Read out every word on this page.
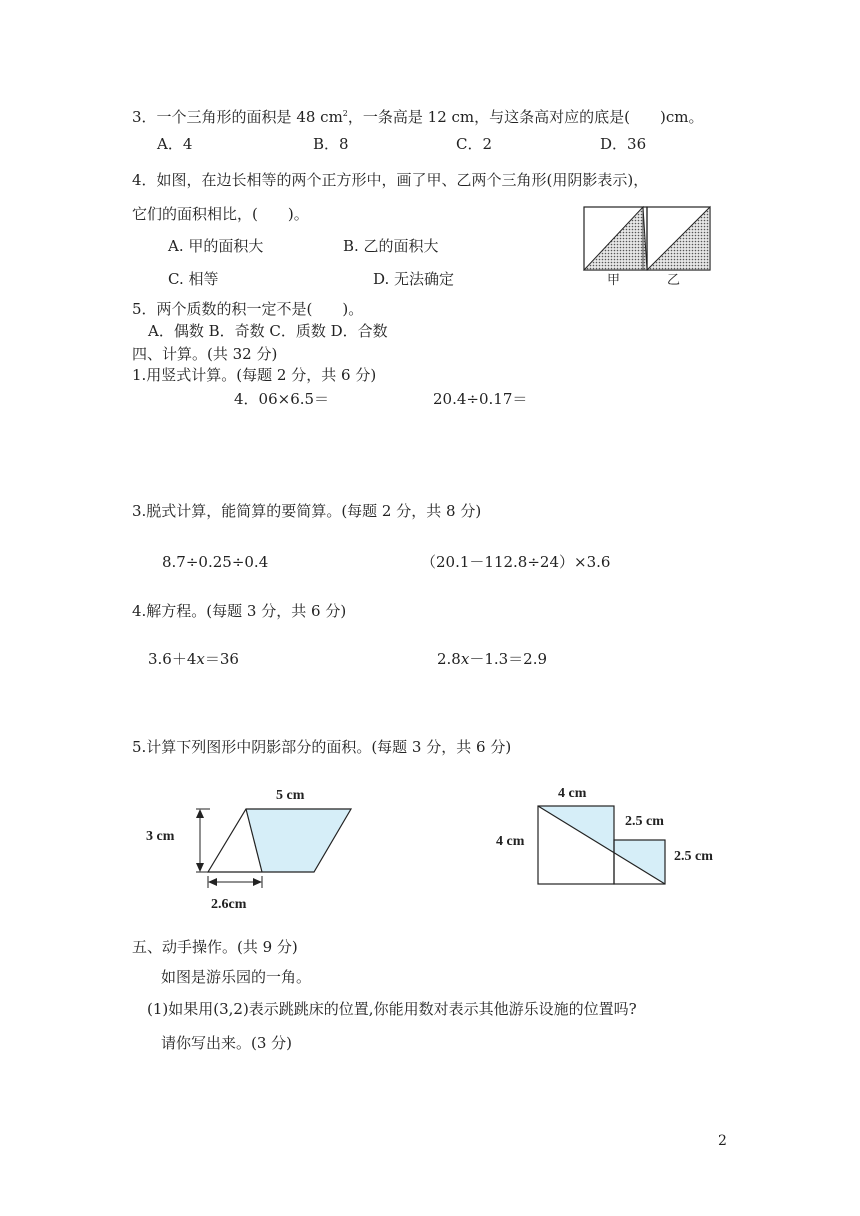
3．一个三角形的面积是 48 $cm^2$，一条高是 12 cm，与这条高对应的底是(　　)cm。
A．4	B．8	C．2	D．36
4．如图，在边长相等的两个正方形中，画了甲、乙两个三角形(用阴影表示)，
它们的面积相比，(　　)。
A. 甲的面积大	B. 乙的面积大
C. 相等	D. 无法确定	甲	乙
5．两个质数的积一定不是(　　)。
A．偶数 B．奇数 C．质数 D．合数
四、计算。(共 32 分)
1.用竖式计算。(每题 2 分，共 6 分)
4．06×6.5＝	20.4÷0.17＝
3.脱式计算，能简算的要简算。(每题 2 分，共 8 分)
8.7÷0.25÷0.4	（20.1－112.8÷24）×3.6
4.解方程。(每题 3 分，共 6 分)
3.6＋4x＝36	2.8x－1.3＝2.9
5.计算下列图形中阴影部分的面积。(每题 3 分，共 6 分)
5 cm
3 cm
2.6cm
4 cm
4 cm
2.5 cm
2.5 cm
五、动手操作。(共 9 分)
如图是游乐园的一角。
(1)如果用(3,2)表示跳跳床的位置,你能用数对表示其他游乐设施的位置吗?
请你写出来。(3 分)
2
